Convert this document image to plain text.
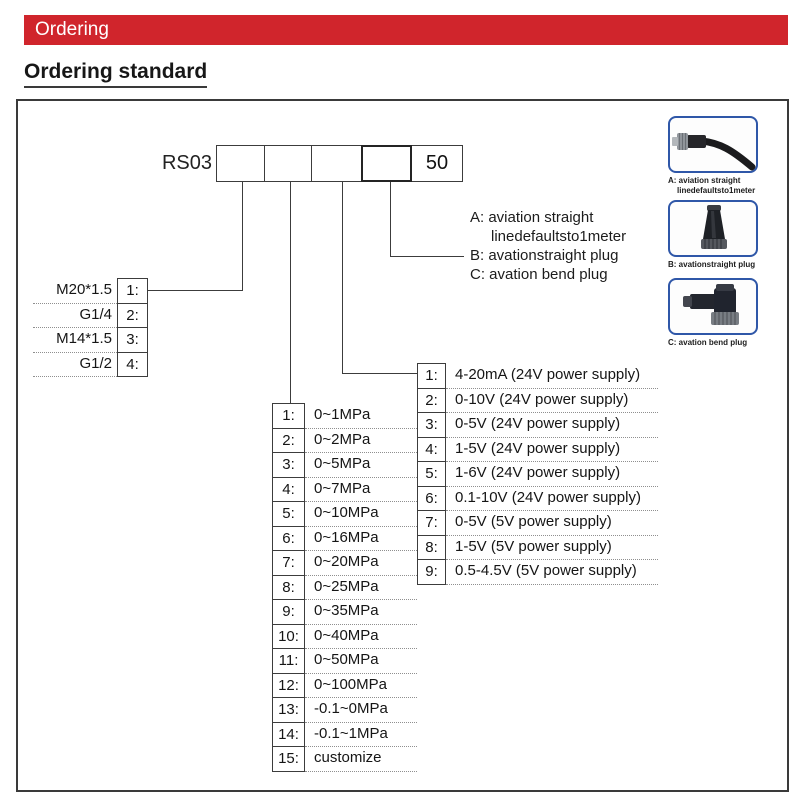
Ordering
Ordering standard
RS03	50
A: aviation straight
linedefaultsto1meter
B: avationstraight plug
C: avation bend plug
M20*1.5 1:
G1/4 2:
M14*1.5 3:
G1/2 4:
1:	0~1MPa
2:	0~2MPa
3:	0~5MPa
4:	0~7MPa
5:	0~10MPa
6:	0~16MPa
7:	0~20MPa
8:	0~25MPa
9:	0~35MPa
10:	0~40MPa
11:	0~50MPa
12:	0~100MPa
13:	-0.1~0MPa
14:	-0.1~1MPa
15:	customize
1:	4-20mA (24V power supply)
2:	0-10V (24V power supply)
3:	0-5V (24V power supply)
4:	1-5V (24V power supply)
5:	1-6V (24V power supply)
6:	0.1-10V (24V power supply)
7:	0-5V (5V power supply)
8:	1-5V (5V power supply)
9:	0.5-4.5V (5V power supply)
A: aviation straight
linedefaultsto1meter
B: avationstraight plug
C: avation bend plug
